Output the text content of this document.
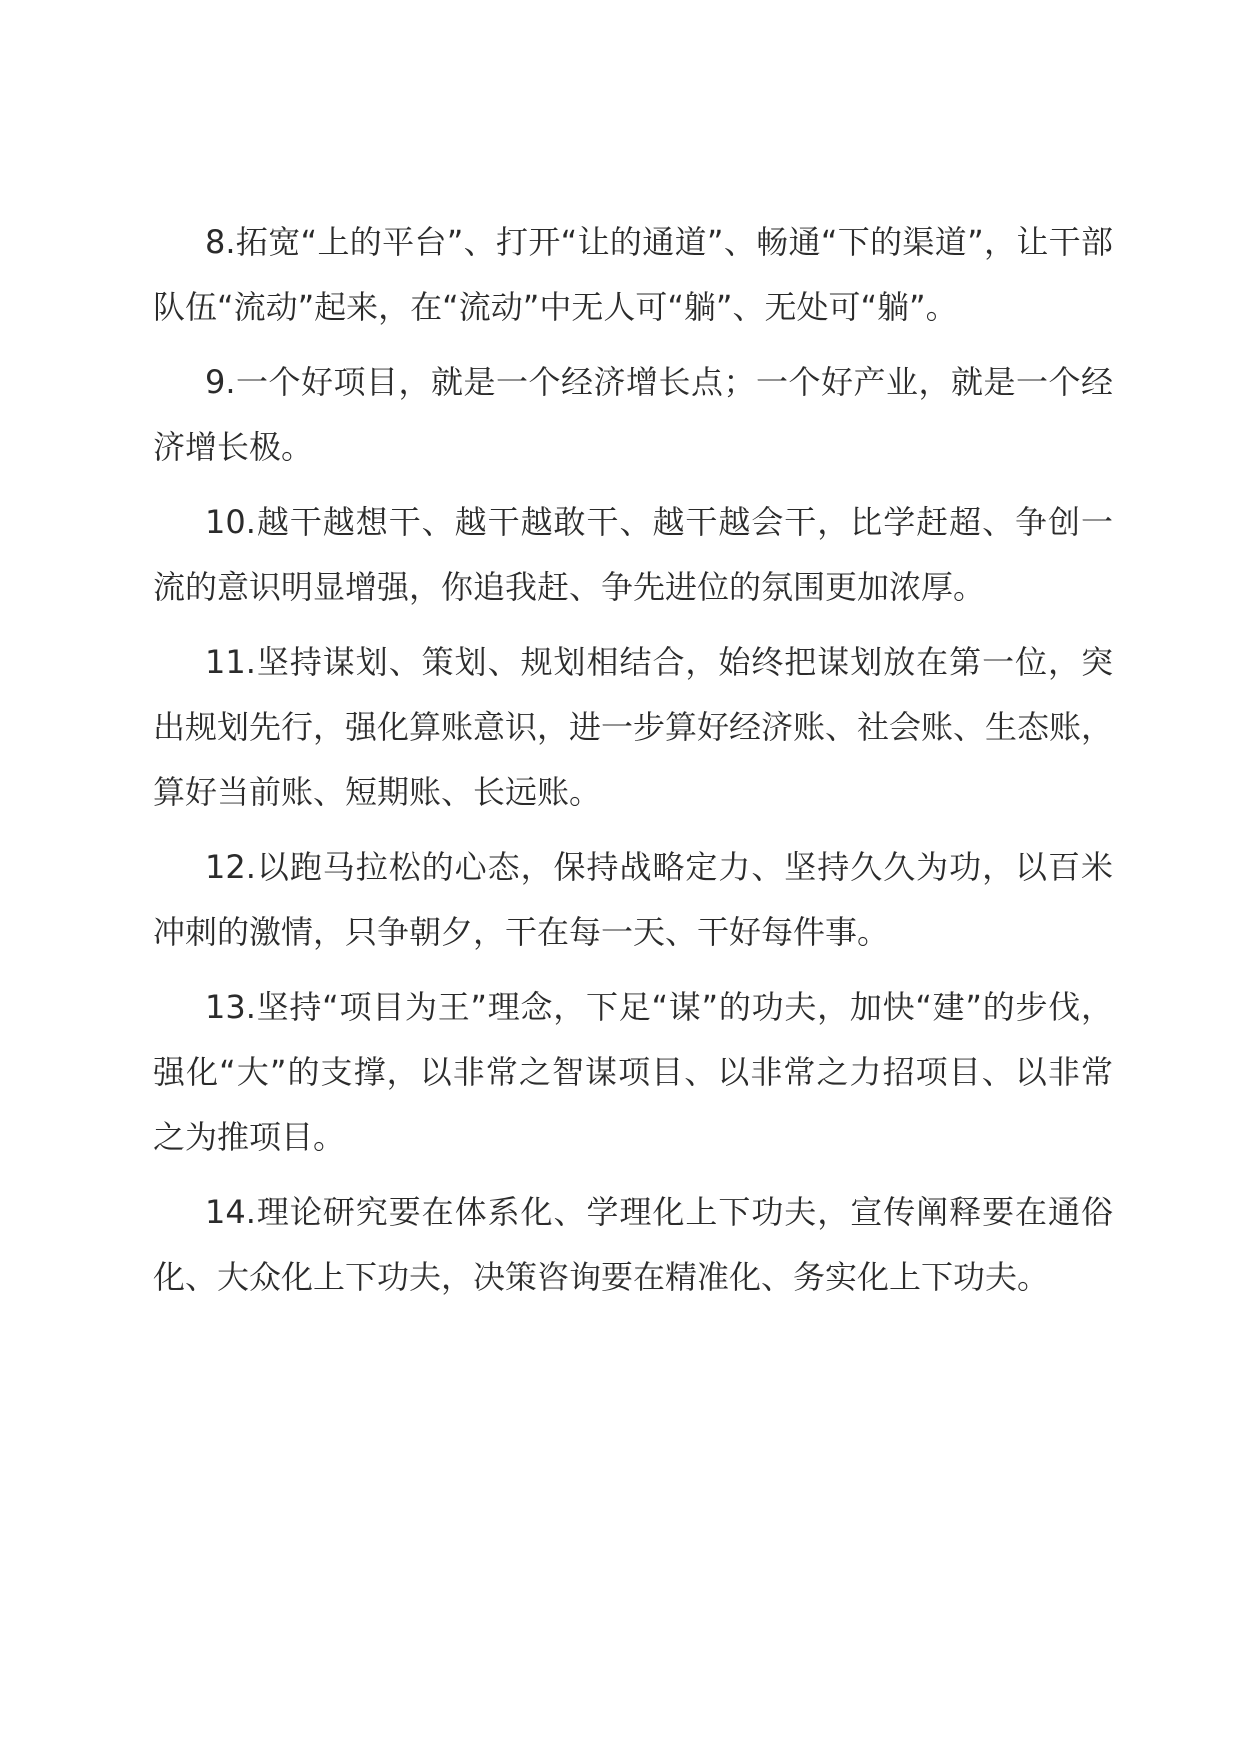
8.拓宽“上的平台”、打开“让的通道”、畅通“下的渠道”，让干部队伍“流动”起来，在“流动”中无人可“躺”、无处可“躺”。

9.一个好项目，就是一个经济增长点；一个好产业，就是一个经济增长极。

10.越干越想干、越干越敢干、越干越会干，比学赶超、争创一流的意识明显增强，你追我赶、争先进位的氛围更加浓厚。

11.坚持谋划、策划、规划相结合，始终把谋划放在第一位，突出规划先行，强化算账意识，进一步算好经济账、社会账、生态账，算好当前账、短期账、长远账。

12.以跑马拉松的心态，保持战略定力、坚持久久为功，以百米冲刺的激情，只争朝夕，干在每一天、干好每件事。

13.坚持“项目为王”理念，下足“谋”的功夫，加快“建”的步伐，强化“大”的支撑，以非常之智谋项目、以非常之力招项目、以非常之为推项目。

14.理论研究要在体系化、学理化上下功夫，宣传阐释要在通俗化、大众化上下功夫，决策咨询要在精准化、务实化上下功夫。
